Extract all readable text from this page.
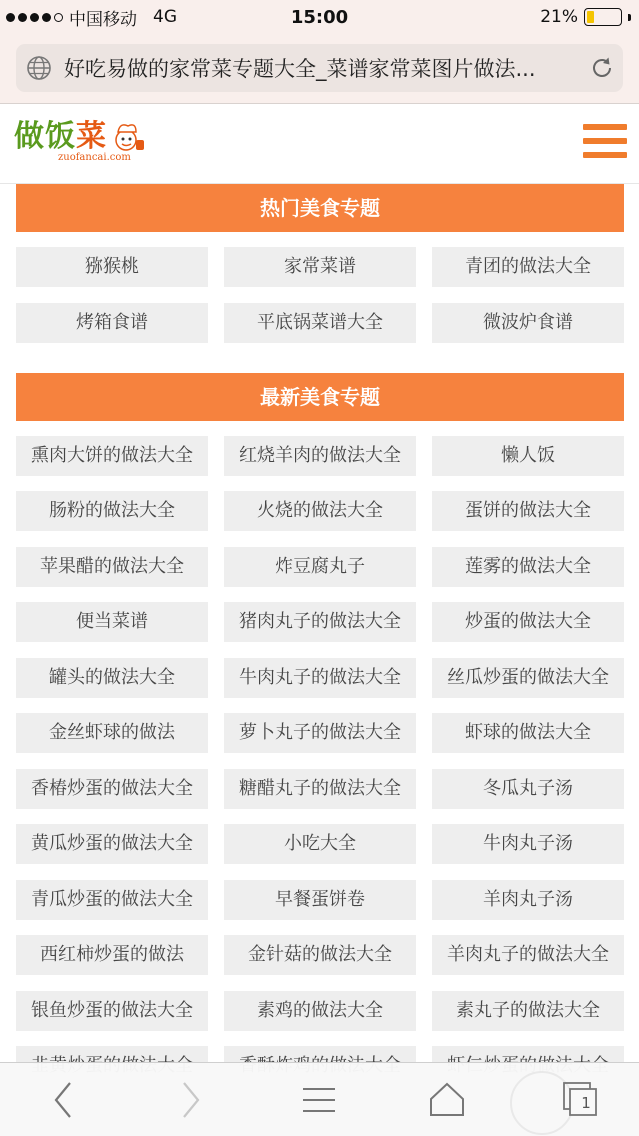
中国移动 4G	15:00	21%
好吃易做的家常菜专题大全_菜谱家常菜图片做法...
做饭菜
zuofancai.com
热门美食专题
猕猴桃	家常菜谱	青团的做法大全
烤箱食谱	平底锅菜谱大全	微波炉食谱
最新美食专题
熏肉大饼的做法大全	红烧羊肉的做法大全	懒人饭
肠粉的做法大全	火烧的做法大全	蛋饼的做法大全
苹果醋的做法大全	炸豆腐丸子	莲雾的做法大全
便当菜谱	猪肉丸子的做法大全	炒蛋的做法大全
罐头的做法大全	牛肉丸子的做法大全	丝瓜炒蛋的做法大全
金丝虾球的做法	萝卜丸子的做法大全	虾球的做法大全
香椿炒蛋的做法大全	糖醋丸子的做法大全	冬瓜丸子汤
黄瓜炒蛋的做法大全	小吃大全	牛肉丸子汤
青瓜炒蛋的做法大全	早餐蛋饼卷	羊肉丸子汤
西红柿炒蛋的做法	金针菇的做法大全	羊肉丸子的做法大全
银鱼炒蛋的做法大全	素鸡的做法大全	素丸子的做法大全
1
